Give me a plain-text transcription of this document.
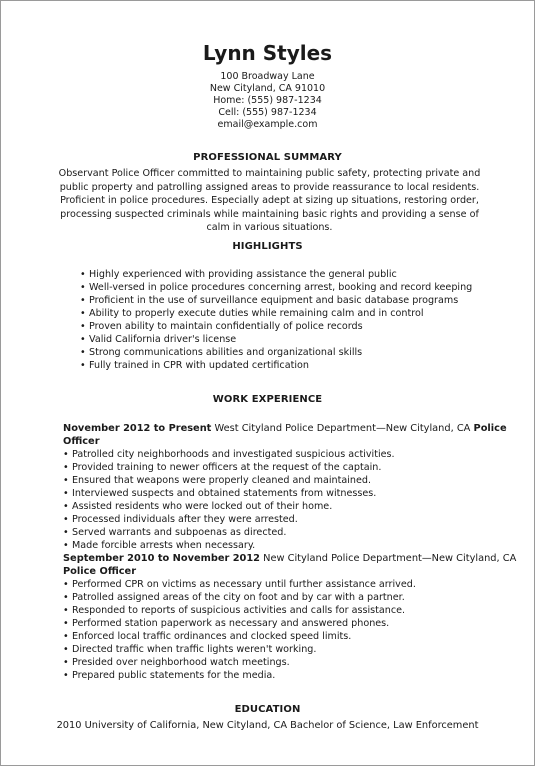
Lynn Styles
100 Broadway Lane
New Cityland, CA 91010
Home: (555) 987-1234
Cell: (555) 987-1234
email@example.com
PROFESSIONAL SUMMARY
Observant Police Officer committed to maintaining public safety, protecting private and public property and patrolling assigned areas to provide reassurance to local residents. Proficient in police procedures. Especially adept at sizing up situations, restoring order, processing suspected criminals while maintaining basic rights and providing a sense of calm in various situations.
HIGHLIGHTS
• Highly experienced with providing assistance the general public
• Well-versed in police procedures concerning arrest, booking and record keeping
• Proficient in the use of surveillance equipment and basic database programs
• Ability to properly execute duties while remaining calm and in control
• Proven ability to maintain confidentially of police records
• Valid California driver's license
• Strong communications abilities and organizational skills
• Fully trained in CPR with updated certification
WORK EXPERIENCE
November 2012 to Present West Cityland Police Department—New Cityland, CA Police Officer
• Patrolled city neighborhoods and investigated suspicious activities.
• Provided training to newer officers at the request of the captain.
• Ensured that weapons were properly cleaned and maintained.
• Interviewed suspects and obtained statements from witnesses.
• Assisted residents who were locked out of their home.
• Processed individuals after they were arrested.
• Served warrants and subpoenas as directed.
• Made forcible arrests when necessary.
September 2010 to November 2012 New Cityland Police Department—New Cityland, CA Police Officer
• Performed CPR on victims as necessary until further assistance arrived.
• Patrolled assigned areas of the city on foot and by car with a partner.
• Responded to reports of suspicious activities and calls for assistance.
• Performed station paperwork as necessary and answered phones.
• Enforced local traffic ordinances and clocked speed limits.
• Directed traffic when traffic lights weren't working.
• Presided over neighborhood watch meetings.
• Prepared public statements for the media.
EDUCATION
2010 University of California, New Cityland, CA Bachelor of Science, Law Enforcement
